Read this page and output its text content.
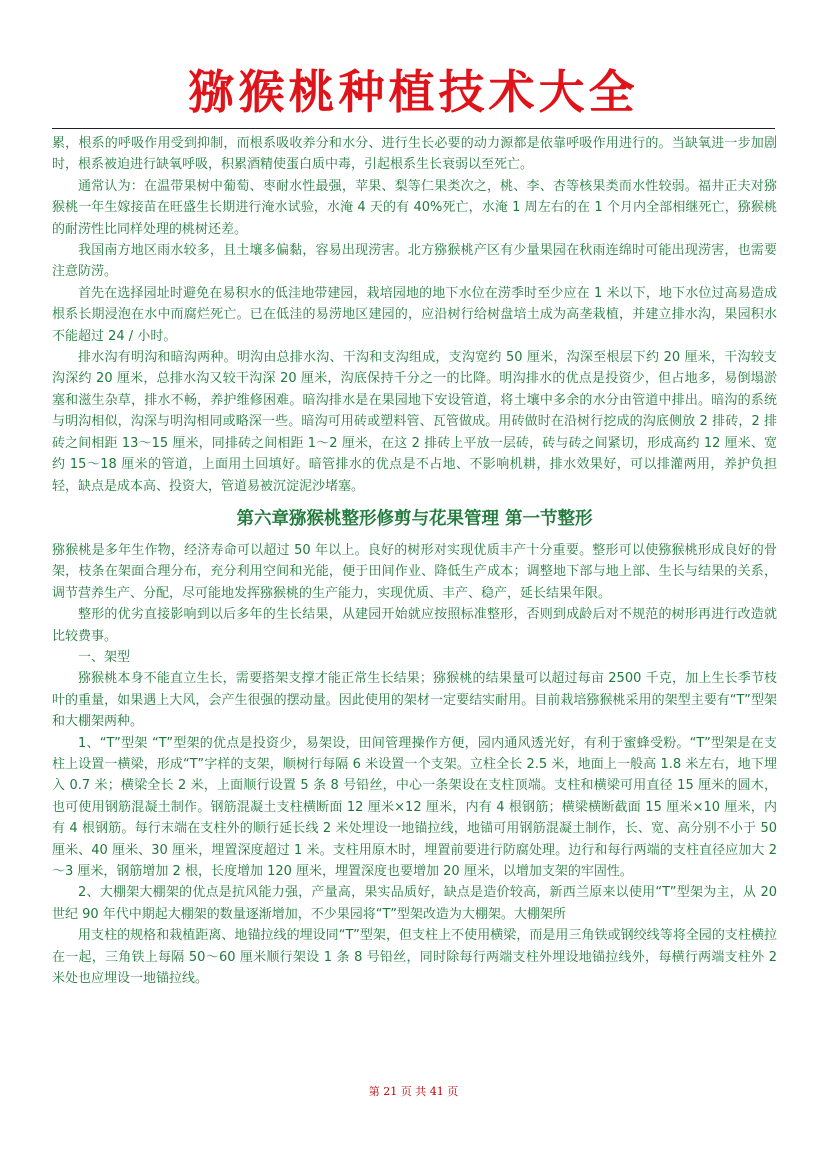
猕猴桃种植技术大全

累，根系的呼吸作用受到抑制，而根系吸收养分和水分、进行生长必要的动力源都是依靠呼吸作用进行的。当缺氧进一步加剧时，根系被迫进行缺氧呼吸，积累酒精使蛋白质中毒，引起根系生长衰弱以至死亡。

通常认为：在温带果树中葡萄、枣耐水性最强，苹果、梨等仁果类次之，桃、李、杏等核果类而水性较弱。福井正夫对猕猴桃一年生嫁接苗在旺盛生长期进行淹水试验，水淹 4 天的有 40%死亡，水淹 1 周左右的在 1 个月内全部相继死亡，猕猴桃的耐涝性比同样处理的桃树还差。

我国南方地区雨水较多，且土壤多偏黏，容易出现涝害。北方猕猴桃产区有少量果园在秋雨连绵时可能出现涝害，也需要注意防涝。

首先在选择园址时避免在易积水的低洼地带建园，栽培园地的地下水位在涝季时至少应在 1 米以下，地下水位过高易造成根系长期浸泡在水中而腐烂死亡。已在低洼的易涝地区建园的，应沿树行给树盘培土成为高垄栽植，并建立排水沟，果园积水不能超过 24 / 小时。

排水沟有明沟和暗沟两种。明沟由总排水沟、干沟和支沟组成，支沟宽约 50 厘米，沟深至根层下约 20 厘米，干沟较支沟深约 20 厘米，总排水沟又较干沟深 20 厘米，沟底保持千分之一的比降。明沟排水的优点是投资少，但占地多，易倒塌淤塞和滋生杂草，排水不畅，养护维修困难。暗沟排水是在果园地下安设管道，将土壤中多余的水分由管道中排出。暗沟的系统与明沟相似，沟深与明沟相同或略深一些。暗沟可用砖或塑料管、瓦管做成。用砖做时在沿树行挖成的沟底侧放 2 排砖，2 排砖之间相距 13～15 厘米，同排砖之间相距 1～2 厘米，在这 2 排砖上平放一层砖，砖与砖之间紧切，形成高约 12 厘米、宽约 15～18 厘米的管道，上面用土回填好。暗管排水的优点是不占地、不影响机耕，排水效果好，可以排灌两用，养护负担轻，缺点是成本高、投资大，管道易被沉淀泥沙堵塞。

第六章猕猴桃整形修剪与花果管理 第一节整形

猕猴桃是多年生作物，经济寿命可以超过 50 年以上。良好的树形对实现优质丰产十分重要。整形可以使猕猴桃形成良好的骨架，枝条在架面合理分布，充分利用空间和光能，便于田间作业、降低生产成本；调整地下部与地上部、生长与结果的关系，调节营养生产、分配，尽可能地发挥猕猴桃的生产能力，实现优质、丰产、稳产，延长结果年限。

整形的优劣直接影响到以后多年的生长结果，从建园开始就应按照标准整形，否则到成龄后对不规范的树形再进行改造就比较费事。

一、架型

猕猴桃本身不能直立生长，需要搭架支撑才能正常生长结果；猕猴桃的结果量可以超过每亩 2500 千克，加上生长季节枝叶的重量，如果遇上大风，会产生很强的摆动量。因此使用的架材一定要结实耐用。目前栽培猕猴桃采用的架型主要有“T”型架和大棚架两种。

1、“T”型架 “T”型架的优点是投资少，易架设，田间管理操作方便，园内通风透光好，有利于蜜蜂受粉。“T”型架是在支柱上设置一横梁，形成“T”字样的支架，顺树行每隔 6 米设置一个支架。立柱全长 2.5 米，地面上一般高 1.8 米左右，地下埋入 0.7 米；横梁全长 2 米，上面顺行设置 5 条 8 号铅丝，中心一条架设在支柱顶端。支柱和横梁可用直径 15 厘米的圆木，也可使用钢筋混凝土制作。钢筋混凝土支柱横断面 12 厘米×12 厘米，内有 4 根钢筋；横梁横断截面 15 厘米×10 厘米，内有 4 根钢筋。每行末端在支柱外的顺行延长线 2 米处埋设一地锚拉线，地锚可用钢筋混凝土制作，长、宽、高分别不小于 50 厘米、40 厘米、30 厘米，埋置深度超过 1 米。支柱用原木时，埋置前要进行防腐处理。边行和每行两端的支柱直径应加大 2～3 厘米，钢筋增加 2 根，长度增加 120 厘米，埋置深度也要增加 20 厘米，以增加支架的牢固性。

2、大棚架大棚架的优点是抗风能力强，产量高，果实品质好，缺点是造价较高，新西兰原来以使用“T”型架为主，从 20 世纪 90 年代中期起大棚架的数量逐渐增加，不少果园将“T”型架改造为大棚架。大棚架所

用支柱的规格和栽植距离、地锚拉线的埋设同“T”型架，但支柱上不使用横梁，而是用三角铁或钢绞线等将全园的支柱横拉在一起，三角铁上每隔 50～60 厘米顺行架设 1 条 8 号铅丝，同时除每行两端支柱外埋设地锚拉线外，每横行两端支柱外 2 米处也应埋设一地锚拉线。

第 21 页 共 41 页
